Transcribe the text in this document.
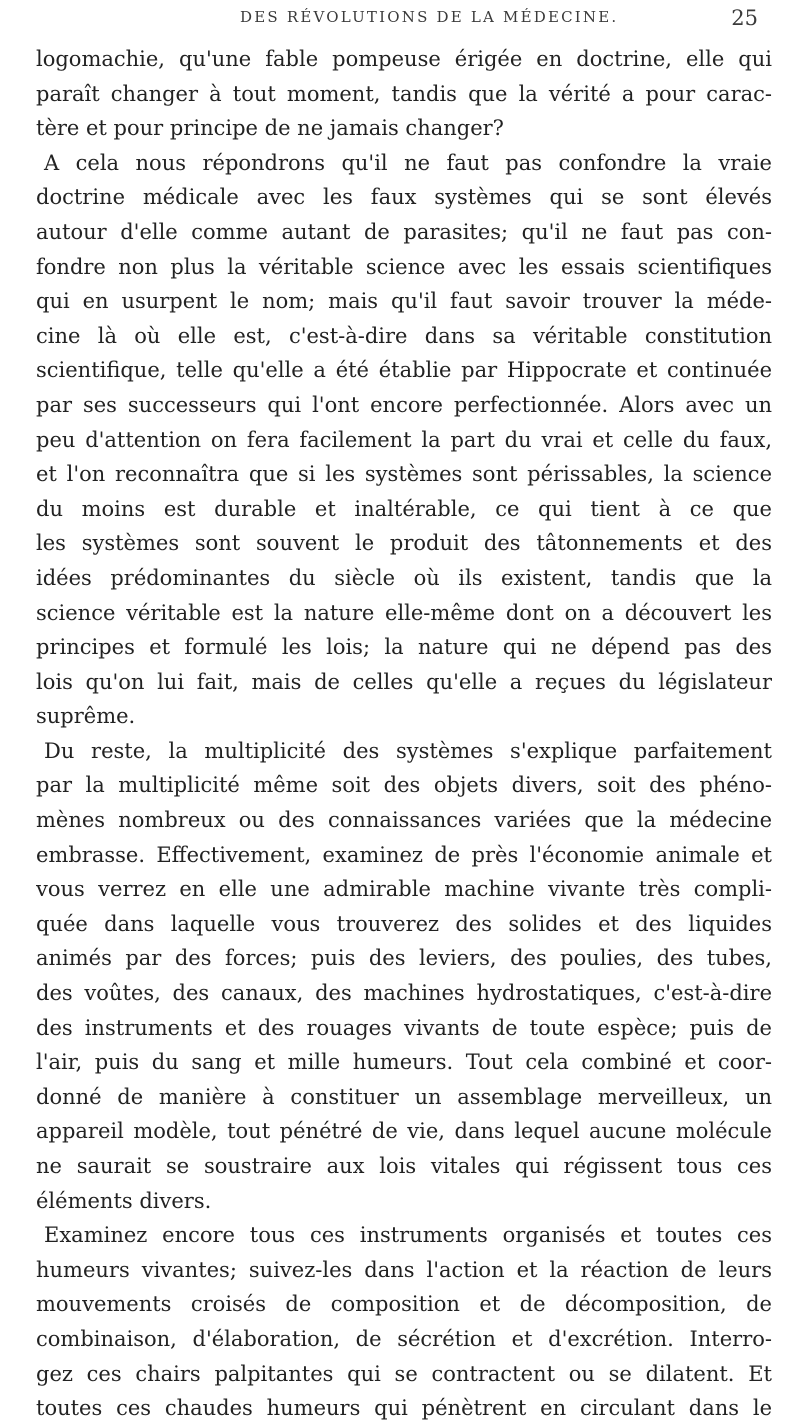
DES RÉVOLUTIONS DE LA MÉDECINE.	25
logomachie, qu'une fable pompeuse érigée en doctrine, elle qui
paraît changer à tout moment, tandis que la vérité a pour carac-
tère et pour principe de ne jamais changer?
A cela nous répondrons qu'il ne faut pas confondre la vraie
doctrine médicale avec les faux systèmes qui se sont élevés
autour d'elle comme autant de parasites; qu'il ne faut pas con-
fondre non plus la véritable science avec les essais scientifiques
qui en usurpent le nom; mais qu'il faut savoir trouver la méde-
cine là où elle est, c'est-à-dire dans sa véritable constitution
scientifique, telle qu'elle a été établie par Hippocrate et continuée
par ses successeurs qui l'ont encore perfectionnée. Alors avec un
peu d'attention on fera facilement la part du vrai et celle du faux,
et l'on reconnaîtra que si les systèmes sont périssables, la science
du moins est durable et inaltérable, ce qui tient à ce que
les systèmes sont souvent le produit des tâtonnements et des
idées prédominantes du siècle où ils existent, tandis que la
science véritable est la nature elle-même dont on a découvert les
principes et formulé les lois; la nature qui ne dépend pas des
lois qu'on lui fait, mais de celles qu'elle a reçues du législateur
suprême.
Du reste, la multiplicité des systèmes s'explique parfaitement
par la multiplicité même soit des objets divers, soit des phéno-
mènes nombreux ou des connaissances variées que la médecine
embrasse. Effectivement, examinez de près l'économie animale et
vous verrez en elle une admirable machine vivante très compli-
quée dans laquelle vous trouverez des solides et des liquides
animés par des forces; puis des leviers, des poulies, des tubes,
des voûtes, des canaux, des machines hydrostatiques, c'est-à-dire
des instruments et des rouages vivants de toute espèce; puis de
l'air, puis du sang et mille humeurs. Tout cela combiné et coor-
donné de manière à constituer un assemblage merveilleux, un
appareil modèle, tout pénétré de vie, dans lequel aucune molécule
ne saurait se soustraire aux lois vitales qui régissent tous ces
éléments divers.
Examinez encore tous ces instruments organisés et toutes ces
humeurs vivantes; suivez-les dans l'action et la réaction de leurs
mouvements croisés de composition et de décomposition, de
combinaison, d'élaboration, de sécrétion et d'excrétion. Interro-
gez ces chairs palpitantes qui se contractent ou se dilatent. Et
toutes ces chaudes humeurs qui pénètrent en circulant dans le
